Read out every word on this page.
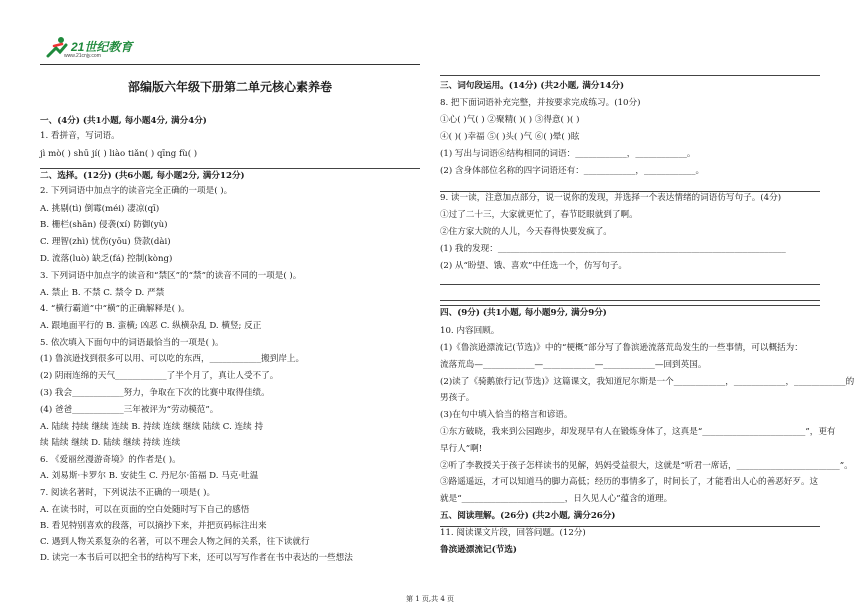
21世纪教育
www.21cnjy.com
部编版六年级下册第二单元核心素养卷
第 1 页,共 4 页
一、(4分) (共1小题, 每小题4分, 满分4分)
1. 看拼音，写词语。
jì mò( ) shū jí( ) liào tiǎn( ) qīng fù( )
二、选择。(12分) (共6小题, 每小题2分, 满分12分)
2. 下列词语中加点字的读音完全正确的一项是( )。
A. 挑剔(tì) 倒霉(méi) 凄凉(qī)
B. 栅栏(shān) 侵袭(xí) 防御(yù)
C. 理智(zhì) 忧伤(yōu) 贷款(dài)
D. 流落(luò) 缺乏(fá) 控制(kòng)
3. 下列词语中加点字的读音和“禁区”的“禁”的读音不同的一项是( )。
A. 禁止 B. 不禁 C. 禁令 D. 严禁
4. “横行霸道”中“横”的正确解释是( )。
A. 跟地面平行的 B. 蛮横; 凶恶 C. 纵横杂乱 D. 横竖; 反正
5. 依次填入下面句中的词语最恰当的一项是( )。
(1) 鲁滨逊找到很多可以用、可以吃的东西，____________搬到岸上。
(2) 阴雨连绵的天气____________了半个月了，真让人受不了。
(3) 我会____________努力，争取在下次的比赛中取得佳绩。
(4) 爸爸____________三年被评为“劳动模范”。
A. 陆续 持续 继续 连续 B. 持续 连续 继续 陆续 C. 连续 持
续 陆续 继续 D. 陆续 继续 持续 连续
6. 《爱丽丝漫游奇境》的作者是( )。
A. 刘易斯·卡罗尔 B. 安徒生 C. 丹尼尔·笛福 D. 马克·吐温
7. 阅读名著时，下列说法不正确的一项是( )。
A. 在读书时，可以在页面的空白处随时写下自己的感悟
B. 看见特别喜欢的段落，可以摘抄下来，并把页码标注出来
C. 遇到人物关系复杂的名著，可以不理会人物之间的关系，往下读就行
D. 读完一本书后可以把全书的结构写下来，还可以写写作者在书中表达的一些想法
三、词句段运用。(14分) (共2小题, 满分14分)
8. 把下面词语补充完整，并按要求完成练习。(10分)
①心( )气( ) ②聚精( )( ) ③得意( )( )
④( )( )幸福 ⑤( )头( )气 ⑥( )晕( )眩
(1) 写出与词语⑥结构相同的词语：____________，____________。
(2) 含身体部位名称的四字词语还有：____________，____________。
9. 读一读，注意加点部分，说一说你的发现，并选择一个表达情绪的词语仿写句子。(4分)
①过了二十三，大家就更忙了，春节眨眼就到了啊。
②住方家大院的人儿，今天春得快要发疯了。
(1) 我的发现：___________________________________________________________________
(2) 从“盼望、饿、喜欢”中任选一个，仿写句子。
四、(9分) (共1小题, 每小题9分, 满分9分)
10. 内容回顾。
(1)《鲁滨逊漂流记(节选)》中的“梗概”部分写了鲁滨逊流落荒岛发生的一些事情，可以概括为：
流落荒岛—____________—____________—____________—回到英国。
(2)读了《骑鹅旅行记(节选)》这篇课文，我知道尼尔斯是一个____________，____________，____________的
男孩子。
(3)在句中填入恰当的格言和谚语。
①东方破晓，我来到公园跑步，却发现早有人在锻炼身体了，这真是“________________________”，更有
早行人”啊!
②听了李教授关于孩子怎样读书的见解，妈妈受益很大，这就是“听君一席话，________________________”。
③路遥遥远，才可以知道马的脚力高低；经历的事情多了，时间长了，才能看出人心的善恶好歹。这
就是“________________________，日久见人心”蕴含的道理。
五、阅读理解。(26分) (共2小题, 满分26分)
11. 阅读课文片段，回答问题。(12分)
鲁滨逊漂流记(节选)
